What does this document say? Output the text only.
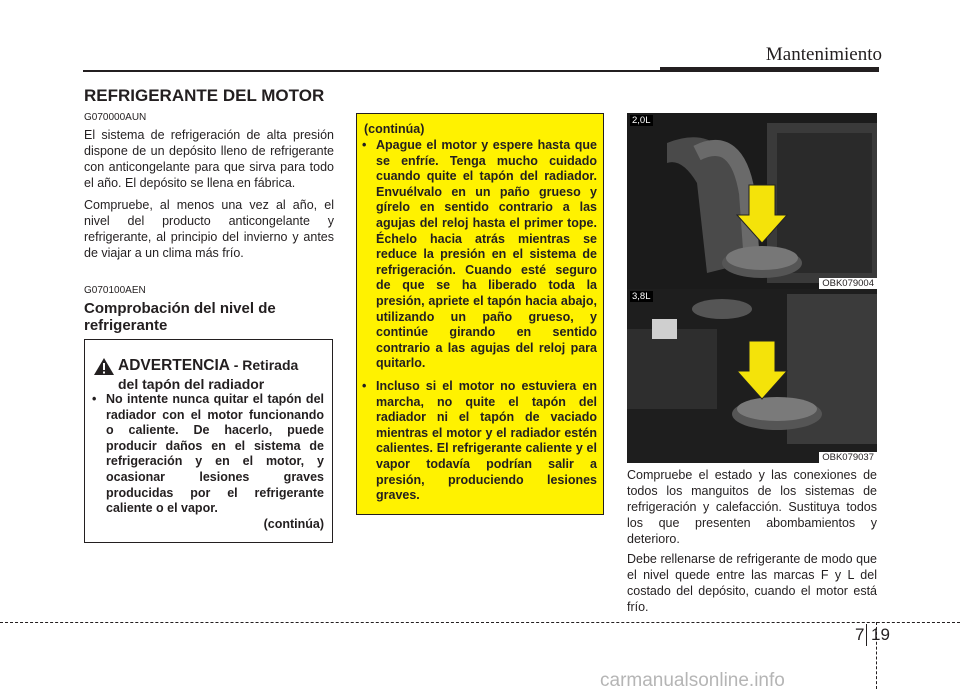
Mantenimiento
REFRIGERANTE DEL MOTOR
G070000AUN

El sistema de refrigeración de alta presión dispone de un depósito lleno de refrigerante con anticongelante para que sirva para todo el año. El depósito se llena en fábrica.

Compruebe, al menos una vez al año, el nivel del producto anticongelante y refrigerante, al principio del invierno y antes de viajar a un clima más frío.

G070100AEN
Comprobación del nivel de refrigerante
ADVERTENCIA - Retirada
del tapón del radiador
• No intente nunca quitar el tapón del radiador con el motor funcionando o caliente. De hacerlo, puede producir daños en el sistema de refrigeración y en el motor, y ocasionar lesiones graves producidas por el refrigerante caliente o el vapor.
(continúa)
(continúa)
• Apague el motor y espere hasta que se enfríe. Tenga mucho cuidado cuando quite el tapón del radiador. Envuélvalo en un paño grueso y gírelo en sentido contrario a las agujas del reloj hasta el primer tope. Échelo hacia atrás mientras se reduce la presión en el sistema de refrigeración. Cuando esté seguro de que se ha liberado toda la presión, apriete el tapón hacia abajo, utilizando un paño grueso, y continúe girando en sentido contrario a las agujas del reloj para quitarlo.
• Incluso si el motor no estuviera en marcha, no quite el tapón del radiador ni el tapón de vaciado mientras el motor y el radiador estén calientes. El refrigerante caliente y el vapor todavía podrían salir a presión, produciendo lesiones graves.
2,0L
OBK079004
3,8L
OBK079037

Compruebe el estado y las conexiones de todos los manguitos de los sistemas de refrigeración y calefacción. Sustituya todos los que presenten abombamientos y deterioro.

Debe rellenarse de refrigerante de modo que el nivel quede entre las marcas F y L del costado del depósito, cuando el motor está frío.

7 19
carmanualsonline.info
